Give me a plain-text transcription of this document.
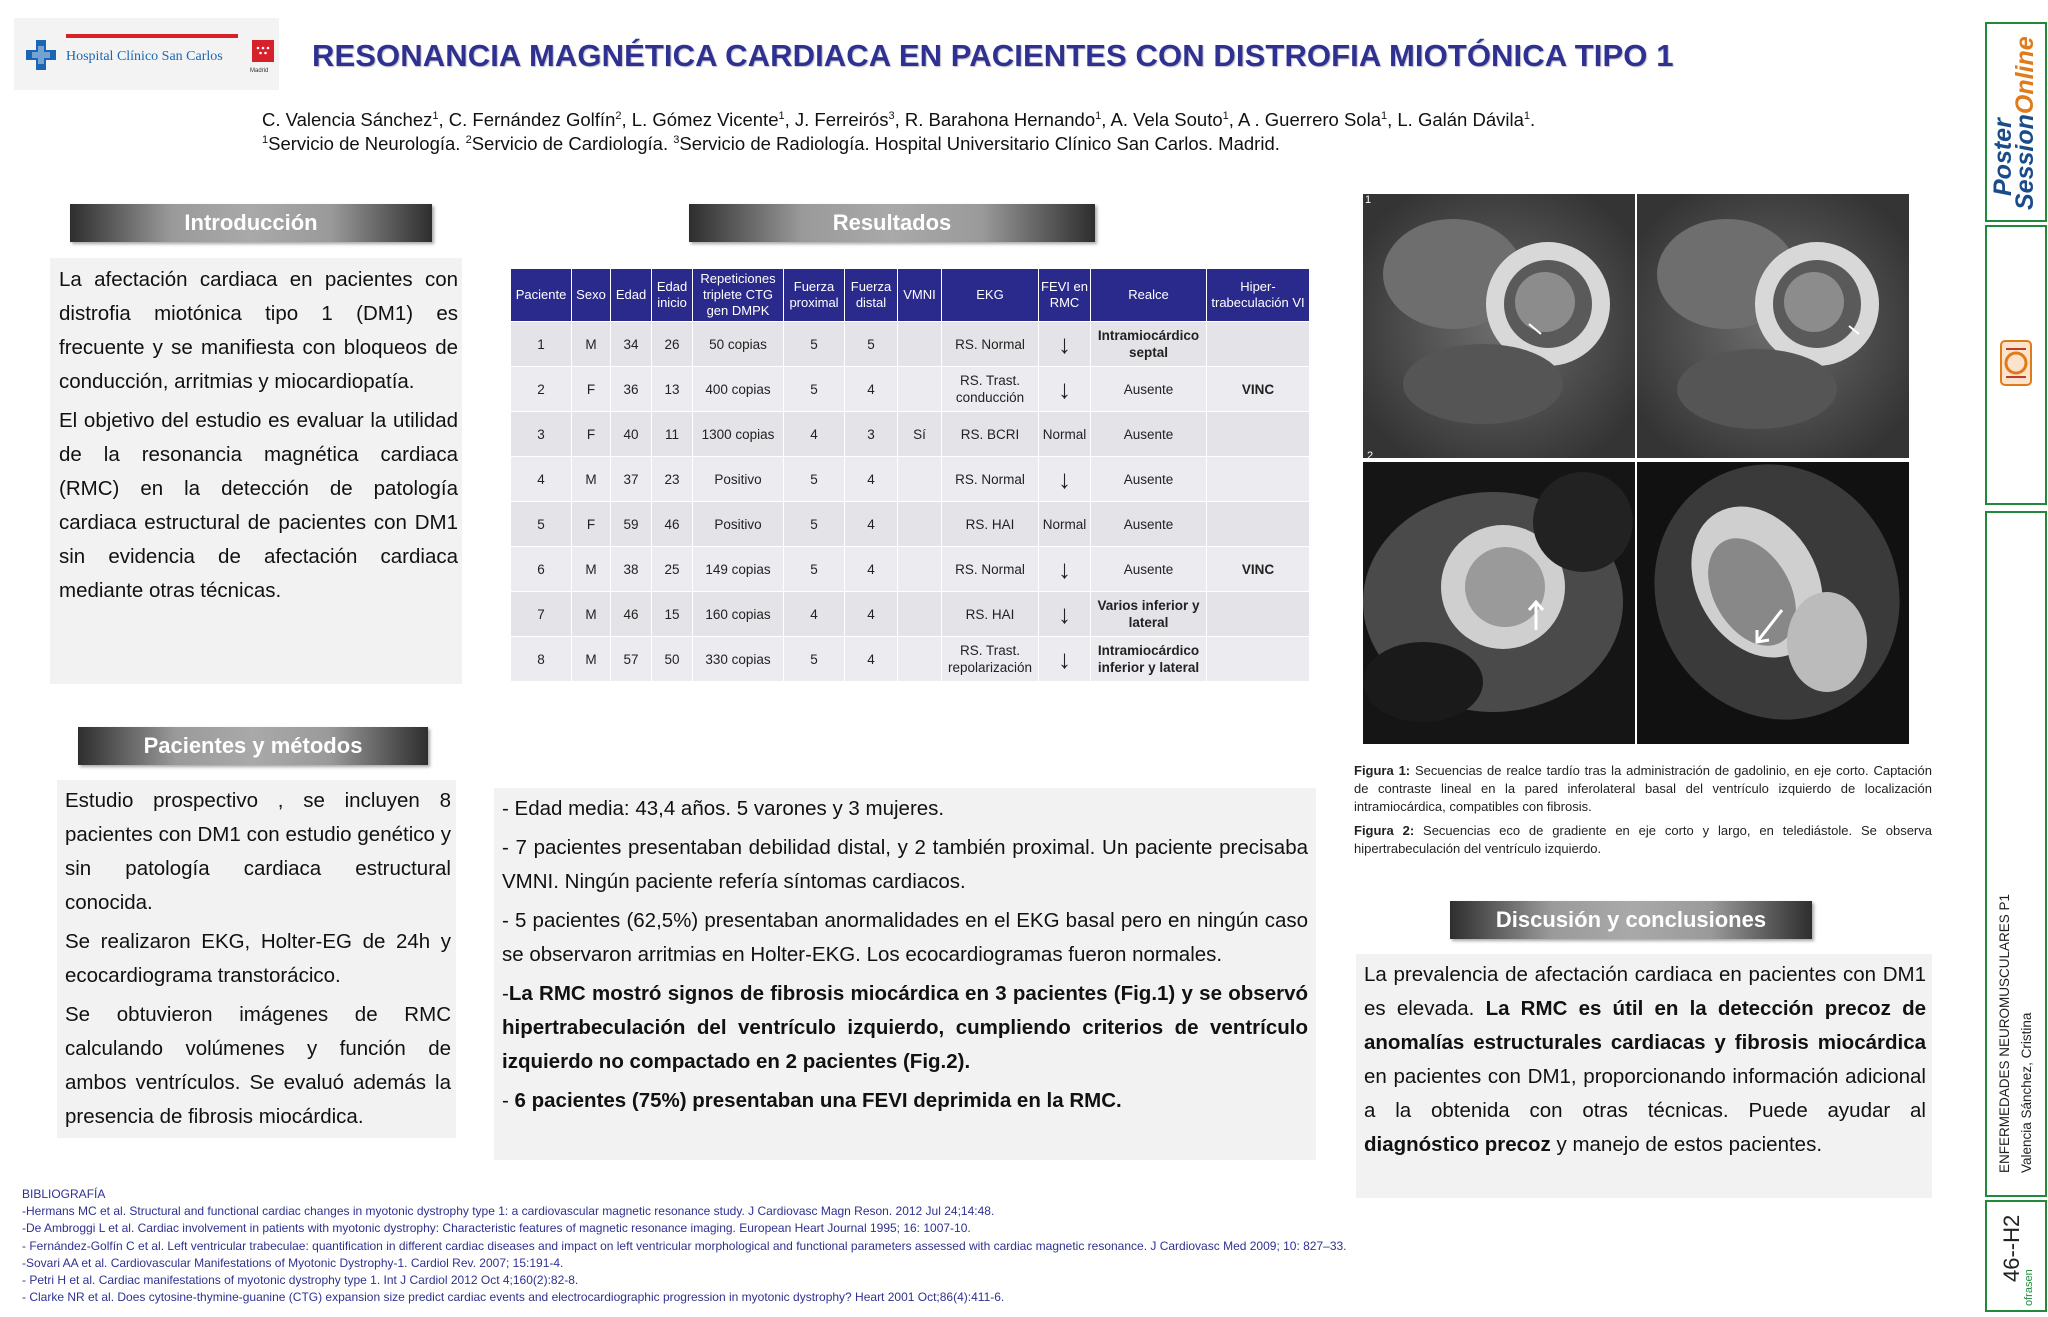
Hospital Clínico San Carlos
Madrid RESONANCIA MAGNÉTICA CARDIACA EN PACIENTES CON DISTROFIA MIOTÓNICA TIPO 1
C. Valencia Sánchez$^1$, C. Fernández Golfín$^2$, L. Gómez Vicente$^1$, J. Ferreirós$^3$, R. Barahona Hernando$^1$, A. Vela Souto$^1$, A . Guerrero Sola$^1$, L. Galán Dávila$^1$.
$^1$Servicio de Neurología. $^2$Servicio de Cardiología. $^3$Servicio de Radiología. Hospital Universitario Clínico San Carlos. Madrid.
Introducción

La afectación cardiaca en pacientes con distrofia miotónica tipo 1 (DM1) es frecuente y se manifiesta con bloqueos de conducción, arritmias y miocardiopatía.

El objetivo del estudio es evaluar la utilidad de la resonancia magnética cardiaca (RMC) en la detección de patología cardiaca estructural de pacientes con DM1 sin evidencia de afectación cardiaca mediante otras técnicas.

Pacientes y métodos

Estudio prospectivo , se incluyen 8 pacientes con DM1 con estudio genético y sin patología cardiaca estructural conocida.

Se realizaron EKG, Holter-EG de 24h y ecocardiograma transtorácico.

Se obtuvieron imágenes de RMC calculando volúmenes y función de ambos ventrículos. Se evaluó además la presencia de fibrosis miocárdica.

Resultados
Paciente	Sexo	Edad	Edad inicio	Repeticiones triplete CTG gen DMPK	Fuerza proximal	Fuerza distal	VMNI	EKG	FEVI en RMC	Realce	Hiper-trabeculación VI
1	M	34	26	50 copias	5	5		RS. Normal	↓	Intramiocárdico septal	
2	F	36	13	400 copias	5	4		RS. Trast. conducción	↓	Ausente	VINC
3	F	40	11	1300 copias	4	3	Sí	RS. BCRI	Normal	Ausente	
4	M	37	23	Positivo	5	4		RS. Normal	↓	Ausente	
5	F	59	46	Positivo	5	4		RS. HAI	Normal	Ausente	
6	M	38	25	149 copias	5	4		RS. Normal	↓	Ausente	VINC
7	M	46	15	160 copias	4	4		RS. HAI	↓	Varios inferior y lateral	
8	M	57	50	330 copias	5	4		RS. Trast. repolarización	↓	Intramiocárdico inferior y lateral	

- Edad media: 43,4 años. 5 varones y 3 mujeres.

- 7 pacientes presentaban debilidad distal, y 2 también proximal. Un paciente precisaba VMNI. Ningún paciente refería síntomas cardiacos.

- 5 pacientes (62,5%) presentaban anormalidades en el EKG basal pero en ningún caso se observaron arritmias en Holter-EKG. Los ecocardiogramas fueron normales.

-La RMC mostró signos de fibrosis miocárdica en 3 pacientes (Fig.1) y se observó hipertrabeculación del ventrículo izquierdo, cumpliendo criterios de ventrículo izquierdo no compactado en 2 pacientes (Fig.2).

- 6 pacientes (75%) presentaban una FEVI deprimida en la RMC.

1
2
Figura 1: Secuencias de realce tardío tras la administración de gadolinio, en eje corto. Captación de contraste lineal en la pared inferolateral basal del ventrículo izquierdo de localización intramiocárdica, compatibles con fibrosis.
Figura 2: Secuencias eco de gradiente en eje corto y largo, en telediástole. Se observa hipertrabeculación del ventrículo izquierdo.
Discusión y conclusiones

La prevalencia de afectación cardiaca en pacientes con DM1 es elevada. La RMC es útil en la detección precoz de anomalías estructurales cardiacas y fibrosis miocárdica en pacientes con DM1, proporcionando información adicional a la obtenida con otras técnicas. Puede ayudar al diagnóstico precoz y manejo de estos pacientes.

BIBLIOGRAFÍA
-Hermans MC et al. Structural and functional cardiac changes in myotonic dystrophy type 1: a cardiovascular magnetic resonance study. J Cardiovasc Magn Reson. 2012 Jul 24;14:48.
-De Ambroggi L et al. Cardiac involvement in patients with myotonic dystrophy: Characteristic features of magnetic resonance imaging. European Heart Journal 1995; 16: 1007-10.
- Fernández-Golfín C et al. Left ventricular trabeculae: quantification in different cardiac diseases and impact on left ventricular morphological and functional parameters assessed with cardiac magnetic resonance. J Cardiovasc Med 2009; 10: 827–33.
-Sovari AA et al. Cardiovascular Manifestations of Myotonic Dystrophy-1. Cardiol Rev. 2007; 15:191-4.
- Petri H et al. Cardiac manifestations of myotonic dystrophy type 1. Int J Cardiol 2012 Oct 4;160(2):82-8.
- Clarke NR et al. Does cytosine-thymine-guanine (CTG) expansion size predict cardiac events and electrocardiographic progression in myotonic dystrophy? Heart 2001 Oct;86(4):411-6.
Poster
SessionOnline
ENFERMEDADES NEUROMUSCULARES P1 Valencia Sánchez, Cristina
46--H2
ofrasen
